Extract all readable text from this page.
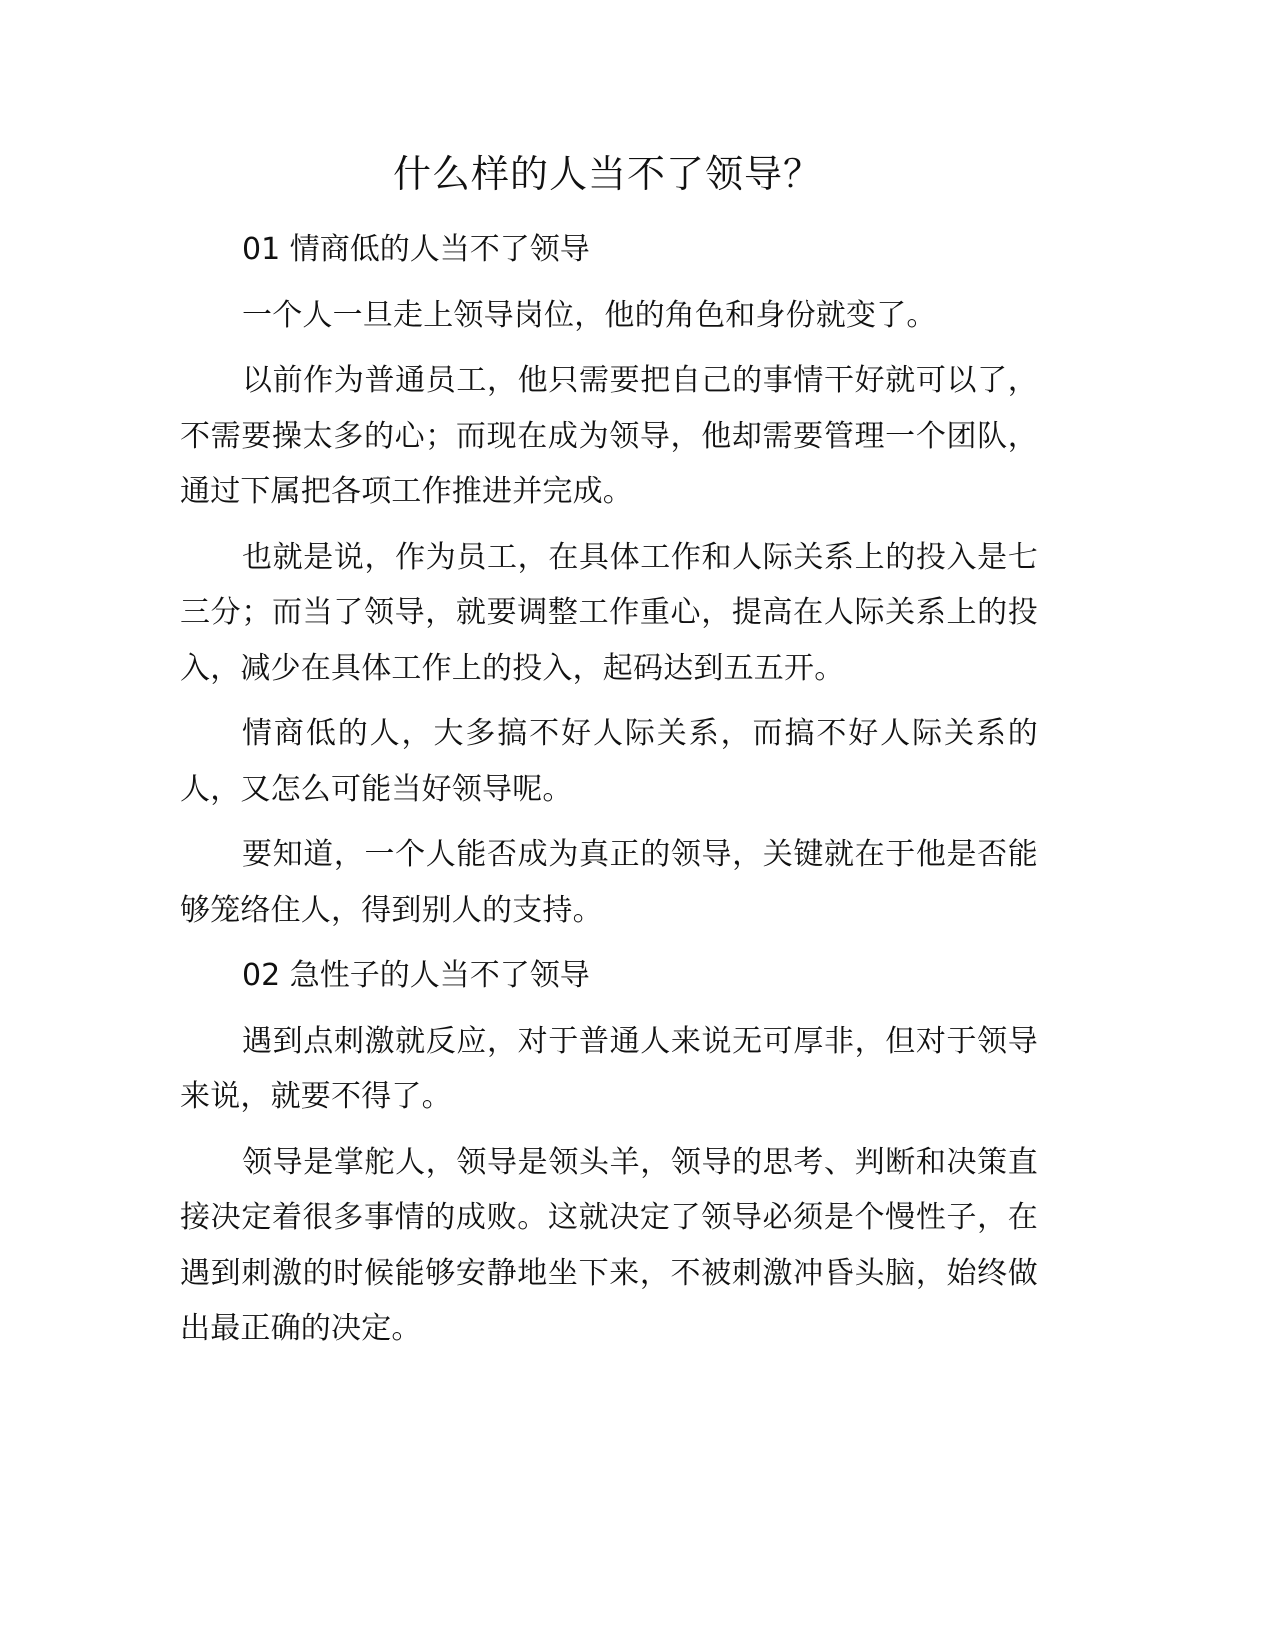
什么样的人当不了领导？

01 情商低的人当不了领导

一个人一旦走上领导岗位，他的角色和身份就变了。

以前作为普通员工，他只需要把自己的事情干好就可以了，不需要操太多的心；而现在成为领导，他却需要管理一个团队，通过下属把各项工作推进并完成。

也就是说，作为员工，在具体工作和人际关系上的投入是七三分；而当了领导，就要调整工作重心，提高在人际关系上的投入，减少在具体工作上的投入，起码达到五五开。

情商低的人，大多搞不好人际关系，而搞不好人际关系的人，又怎么可能当好领导呢。

要知道，一个人能否成为真正的领导，关键就在于他是否能够笼络住人，得到别人的支持。

02 急性子的人当不了领导

遇到点刺激就反应，对于普通人来说无可厚非，但对于领导来说，就要不得了。

领导是掌舵人，领导是领头羊，领导的思考、判断和决策直接决定着很多事情的成败。这就决定了领导必须是个慢性子，在遇到刺激的时候能够安静地坐下来，不被刺激冲昏头脑，始终做出最正确的决定。
